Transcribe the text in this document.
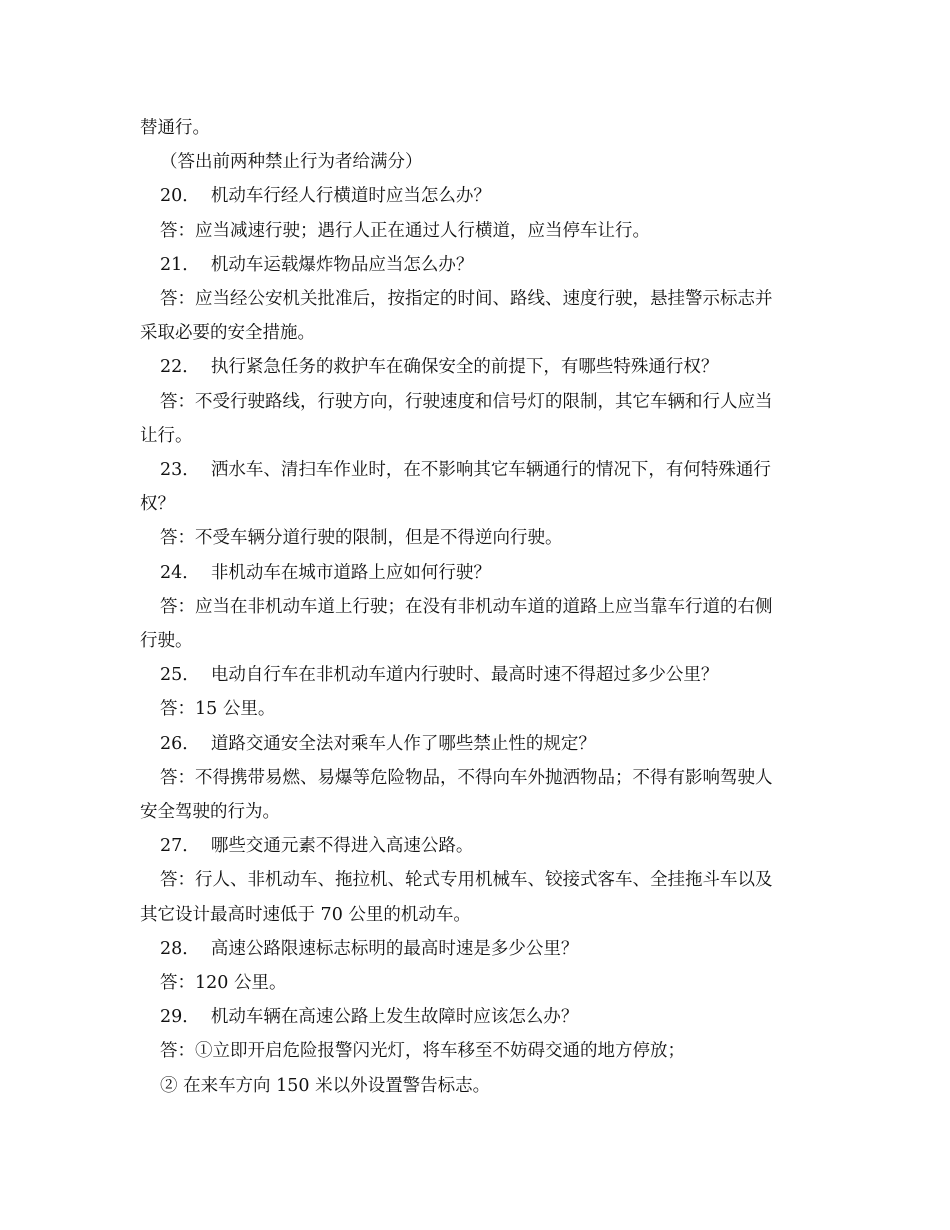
替通行。
（答出前两种禁止行为者给满分）
20．  机动车行经人行横道时应当怎么办？
答：应当减速行驶；遇行人正在通过人行横道，应当停车让行。
21．  机动车运载爆炸物品应当怎么办？
答：应当经公安机关批准后，按指定的时间、路线、速度行驶，悬挂警示标志并
采取必要的安全措施。
22．  执行紧急任务的救护车在确保安全的前提下，有哪些特殊通行权？
答：不受行驶路线，行驶方向，行驶速度和信号灯的限制，其它车辆和行人应当
让行。
23．  洒水车、清扫车作业时，在不影响其它车辆通行的情况下，有何特殊通行
权？
答：不受车辆分道行驶的限制，但是不得逆向行驶。
24．  非机动车在城市道路上应如何行驶？
答：应当在非机动车道上行驶；在没有非机动车道的道路上应当靠车行道的右侧
行驶。
25．  电动自行车在非机动车道内行驶时、最高时速不得超过多少公里？
答：15 公里。
26．  道路交通安全法对乘车人作了哪些禁止性的规定？
答：不得携带易燃、易爆等危险物品，不得向车外抛洒物品；不得有影响驾驶人
安全驾驶的行为。
27．  哪些交通元素不得进入高速公路。
答：行人、非机动车、拖拉机、轮式专用机械车、铰接式客车、全挂拖斗车以及
其它设计最高时速低于 70 公里的机动车。
28．  高速公路限速标志标明的最高时速是多少公里？
答：120 公里。
29．  机动车辆在高速公路上发生故障时应该怎么办？
答：①立即开启危险报警闪光灯，将车移至不妨碍交通的地方停放；
② 在来车方向 150 米以外设置警告标志。
